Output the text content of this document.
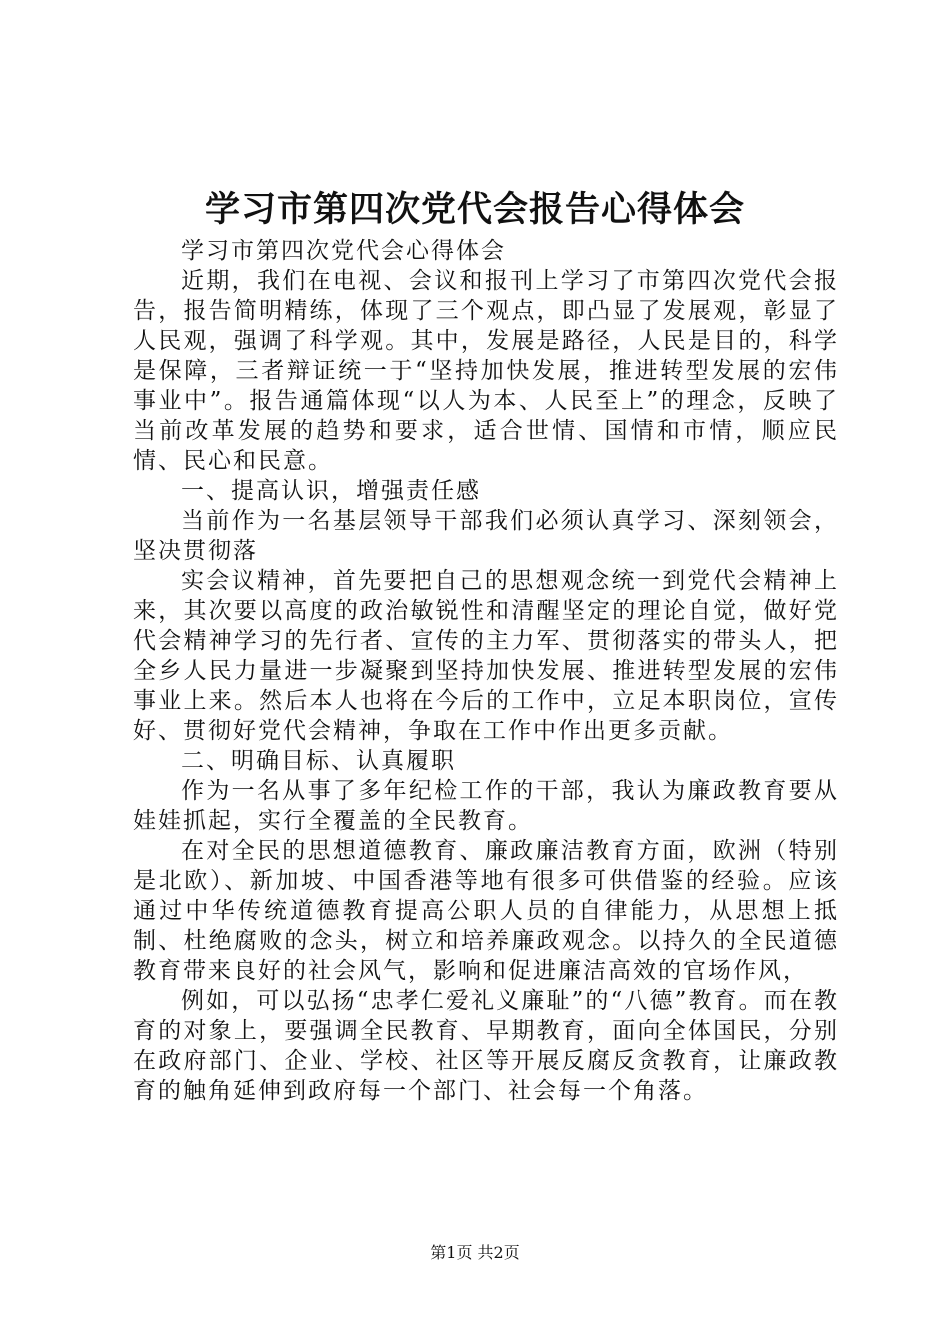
学习市第四次党代会报告心得体会

学习市第四次党代会心得体会

近期，我们在电视、会议和报刊上学习了市第四次党代会报告，报告简明精练，体现了三个观点，即凸显了发展观，彰显了人民观，强调了科学观。其中，发展是路径，人民是目的，科学是保障，三者辩证统一于“坚持加快发展，推进转型发展的宏伟事业中”。报告通篇体现“以人为本、人民至上”的理念，反映了当前改革发展的趋势和要求，适合世情、国情和市情，顺应民情、民心和民意。

一、提高认识，增强责任感

当前作为一名基层领导干部我们必须认真学习、深刻领会，坚决贯彻落

实会议精神，首先要把自己的思想观念统一到党代会精神上来，其次要以高度的政治敏锐性和清醒坚定的理论自觉，做好党代会精神学习的先行者、宣传的主力军、贯彻落实的带头人，把全乡人民力量进一步凝聚到坚持加快发展、推进转型发展的宏伟事业上来。然后本人也将在今后的工作中，立足本职岗位，宣传好、贯彻好党代会精神，争取在工作中作出更多贡献。

二、明确目标、认真履职

作为一名从事了多年纪检工作的干部，我认为廉政教育要从娃娃抓起，实行全覆盖的全民教育。

在对全民的思想道德教育、廉政廉洁教育方面，欧洲（特别是北欧）、新加坡、中国香港等地有很多可供借鉴的经验。应该通过中华传统道德教育提高公职人员的自律能力，从思想上抵制、杜绝腐败的念头，树立和培养廉政观念。以持久的全民道德教育带来良好的社会风气，影响和促进廉洁高效的官场作风，

例如，可以弘扬“忠孝仁爱礼义廉耻”的“八德”教育。而在教育的对象上，要强调全民教育、早期教育，面向全体国民，分别在政府部门、企业、学校、社区等开展反腐反贪教育，让廉政教育的触角延伸到政府每一个部门、社会每一个角落。

第1页 共2页
